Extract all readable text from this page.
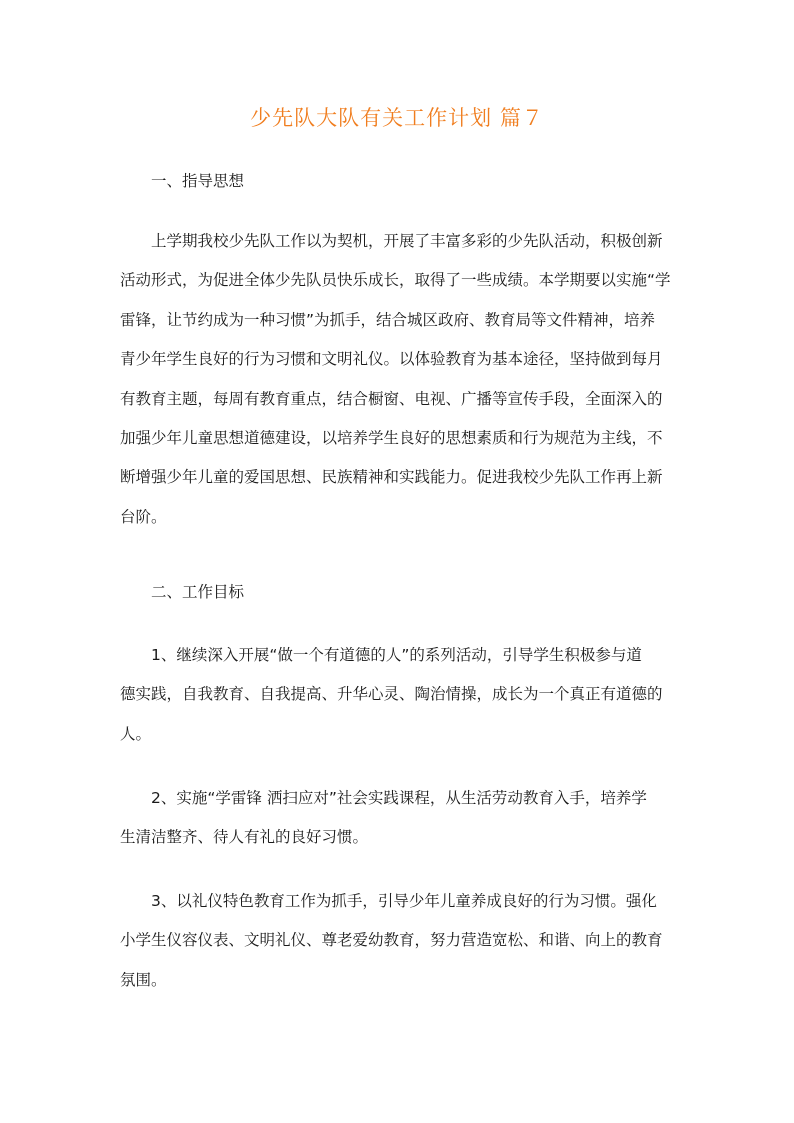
少先队大队有关工作计划 篇７

一、指导思想

上学期我校少先队工作以为契机，开展了丰富多彩的少先队活动，积极创新
活动形式，为促进全体少先队员快乐成长，取得了一些成绩。本学期要以实施“学
雷锋，让节约成为一种习惯”为抓手，结合城区政府、教育局等文件精神，培养
青少年学生良好的行为习惯和文明礼仪。以体验教育为基本途径，坚持做到每月
有教育主题，每周有教育重点，结合橱窗、电视、广播等宣传手段，全面深入的
加强少年儿童思想道德建设，以培养学生良好的思想素质和行为规范为主线，不
断增强少年儿童的爱国思想、民族精神和实践能力。促进我校少先队工作再上新
台阶。

二、工作目标

1、继续深入开展“做一个有道德的人”的系列活动，引导学生积极参与道
德实践，自我教育、自我提高、升华心灵、陶治情操，成长为一个真正有道德的
人。
2、实施“学雷锋 洒扫应对”社会实践课程，从生活劳动教育入手，培养学
生清洁整齐、待人有礼的良好习惯。
3、以礼仪特色教育工作为抓手，引导少年儿童养成良好的行为习惯。强化
小学生仪容仪表、文明礼仪、尊老爱幼教育，努力营造宽松、和谐、向上的教育
氛围。
